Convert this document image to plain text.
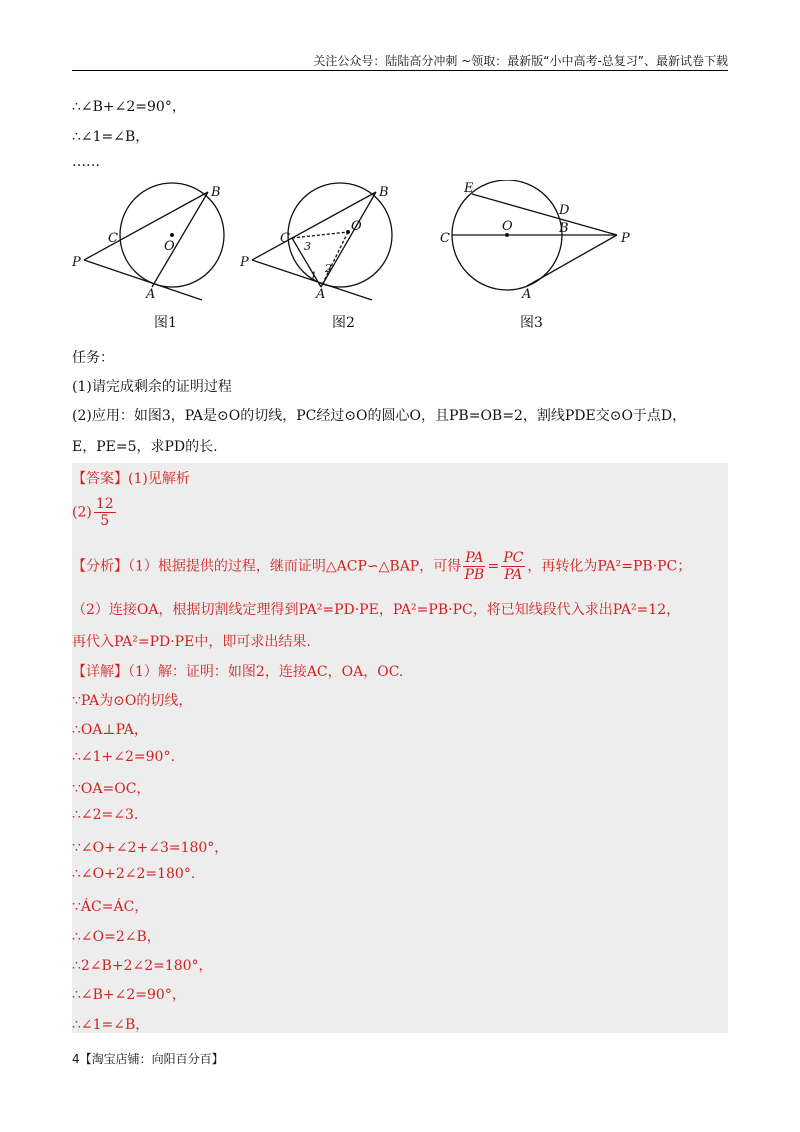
关注公众号：陆陆高分冲刺 ~领取：最新版“小中高考-总复习”、最新试卷下载
∴∠B+∠2=90°，
∴∠1=∠B，
……
B
C
O
P
A
B
C
3
O
P	2
1
A
E
D
C
O	B
P
A
图1	图2	图3
任务：
(1)请完成剩余的证明过程
(2)应用：如图3，PA是⊙O的切线，PC经过⊙O的圆心O，且PB=OB=2，割线PDE交⊙O于点D，
E，PE=5，求PD的长.
【答案】(1)见解析
$(2) \frac{12}{5}$
【分析】（1）根据提供的过程，继而证明△ACP∽△BAP，可得 $\frac{PA}{PB} = \frac{PC}{PA}$ ，再转化为PA²=PB·PC；
（2）连接OA，根据切割线定理得到PA²=PD·PE，PA²=PB·PC，将已知线段代入求出PA²=12，
再代入PA²=PD·PE中，即可求出结果.
【详解】（1）解：证明：如图2，连接AC，OA，OC.
∵PA为⊙O的切线，
∴OA⊥PA，
∴∠1+∠2=90°.
∵OA=OC，
∴∠2=∠3.
∵∠O+∠2+∠3=180°，
∴∠O+2∠2=180°.
∵ÁC=ÁC，
∴∠O=2∠B，
∴2∠B+2∠2=180°，
∴∠B+∠2=90°，
∴∠1=∠B，
4【淘宝店铺：向阳百分百】
